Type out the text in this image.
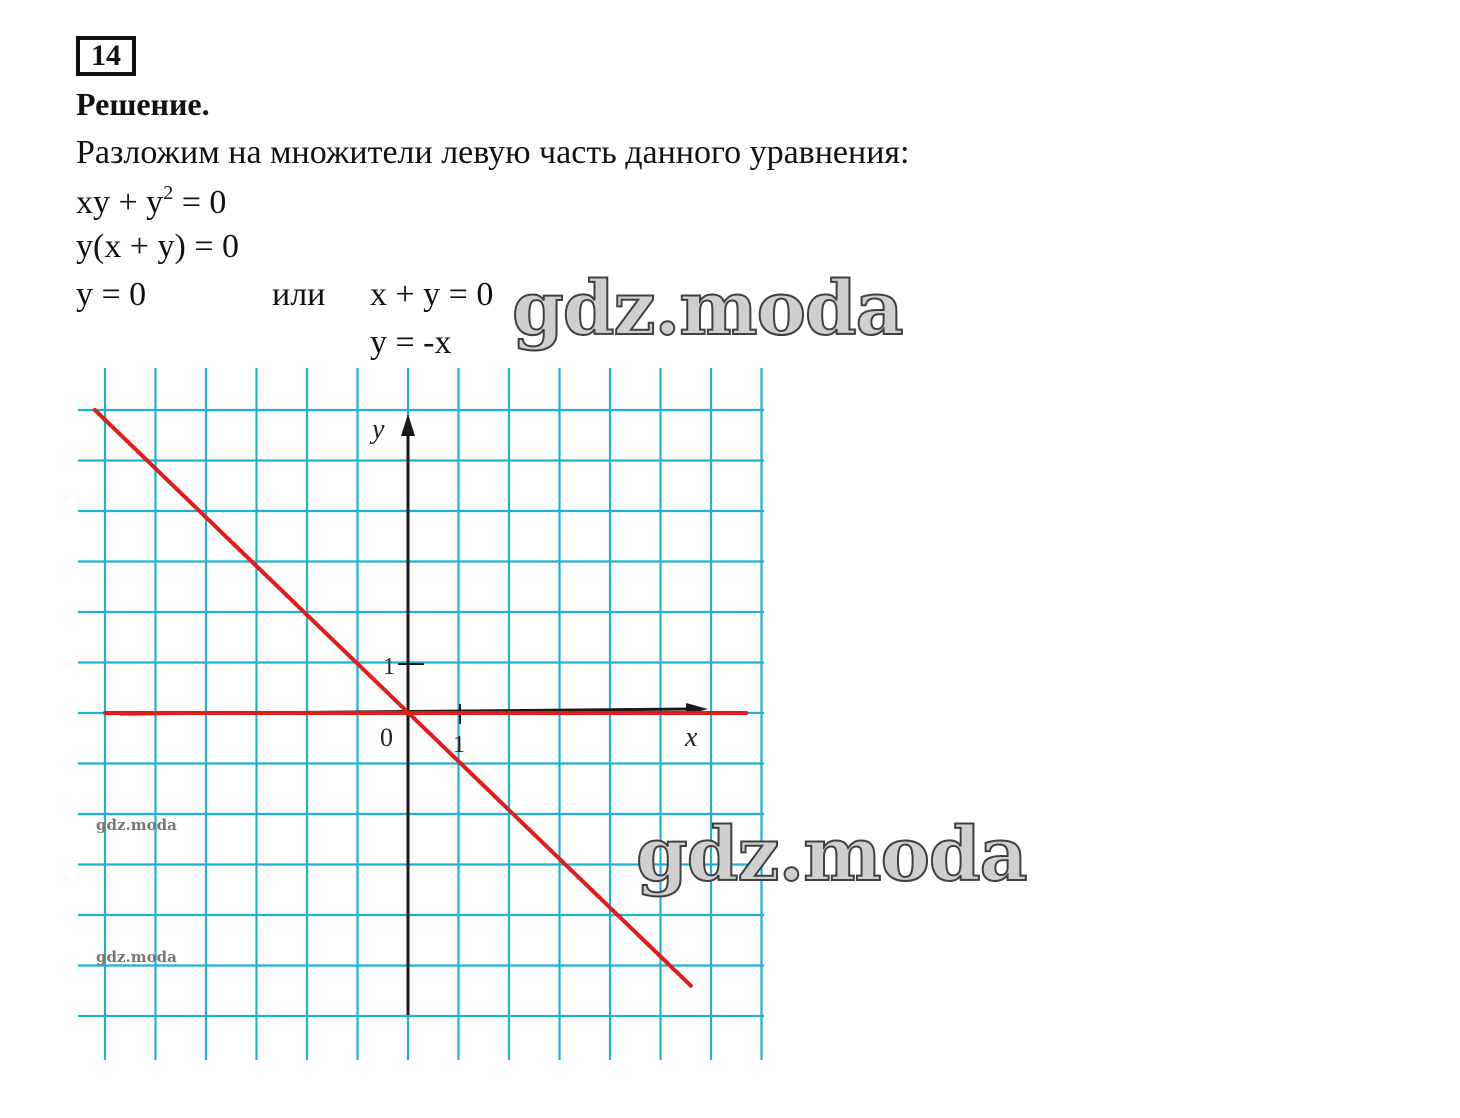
14
Решение.
Разложим на множители левую часть данного уравнения:
xy + $y^2 = 0$
y(x + y) = 0
y = 0	или x + y = 0
y = -x
y
x
0
1
1
gdz.moda
gdz.moda
gdz.moda
gdz.moda
